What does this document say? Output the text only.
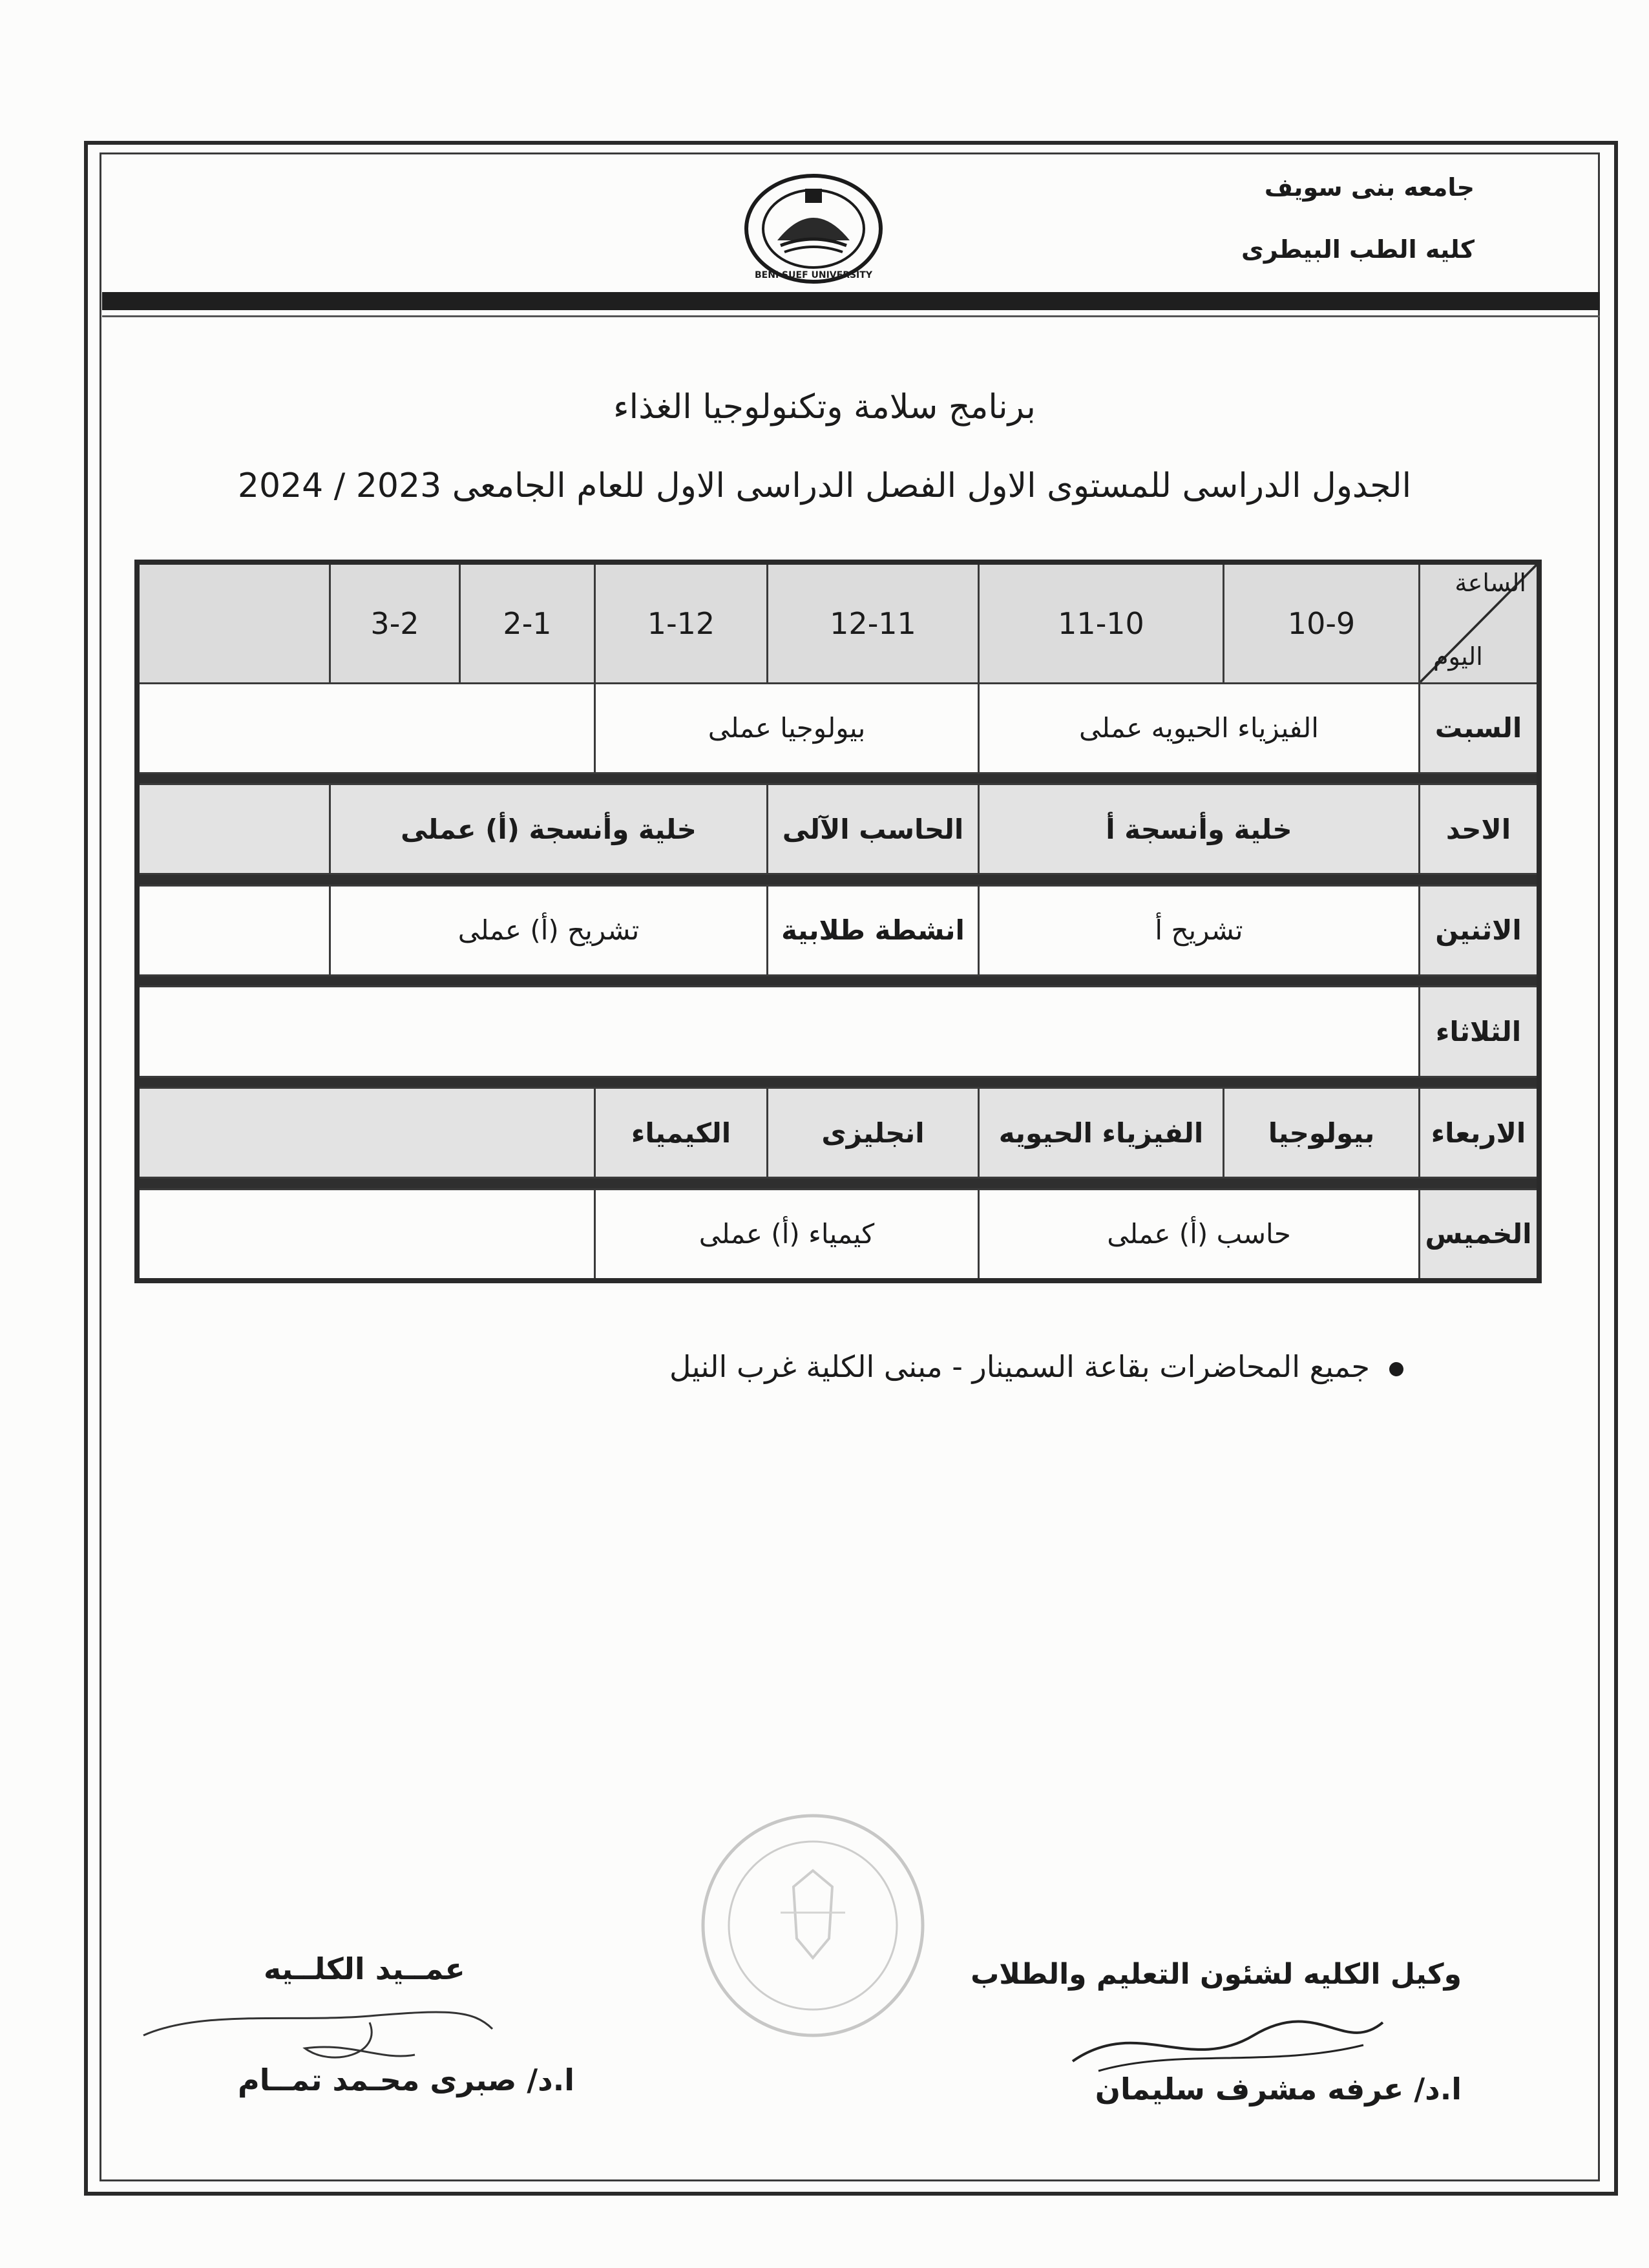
جامعه بنى سويف
كليه الطب البيطرى
BENI SUEF UNIVERSITY
برنامج سلامة وتكنولوجيا الغذاء
الجدول الدراسى للمستوى الاول الفصل الدراسى الاول للعام الجامعى 2023 / 2024
الساعة
اليوم	10-9	11-10	12-11	1-12	2-1	3-2	
السبت	الفيزياء الحيويه عملى		بيولوجيا عملى				

الاحد	خلية وأنسجة أ		الحاسب الآلى	خلية وأنسجة (أ) عملى			

الاثنين	تشريح أ		انشطة طلابية	تشريح (أ) عملى			

الثلاثاء							

الاربعاء	بيولوجيا	الفيزياء الحيويه	انجليزى	الكيمياء			

الخميس	حاسب (أ) عملى		كيمياء (أ) عملى				
جميع المحاضرات بقاعة السمينار - مبنى الكلية غرب النيل
وكيل الكليه لشئون التعليم والطلاب
ا.د/ عرفه مشرف سليمان
عمــيد الكلــيه
ا.د/ صبرى محـمد تمــام
